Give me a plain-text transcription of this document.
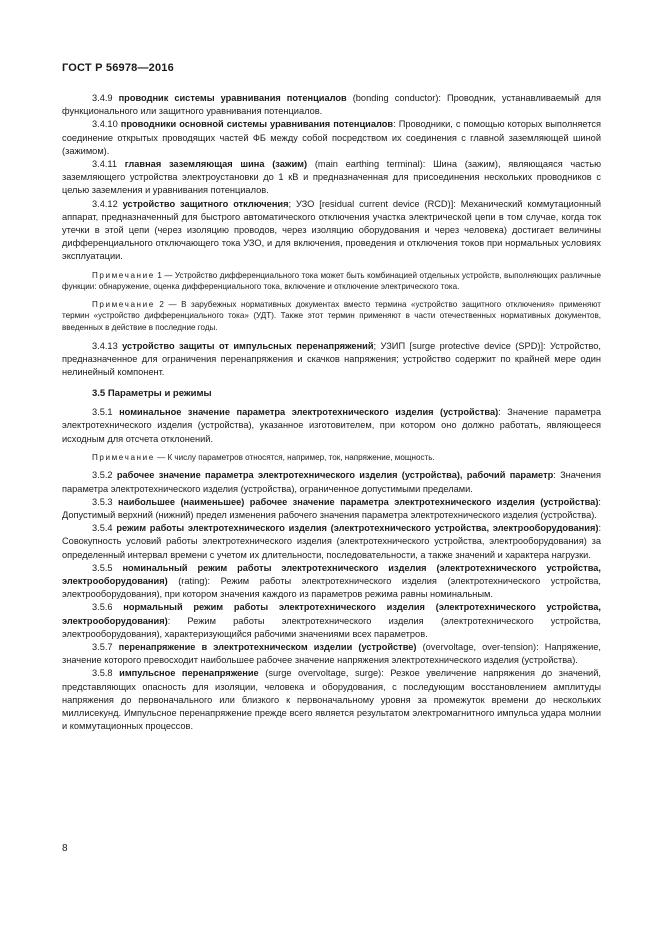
ГОСТ Р 56978—2016

3.4.9 проводник системы уравнивания потенциалов (bonding conductor): Проводник, устанавливаемый для функционального или защитного уравнивания потенциалов.

3.4.10 проводники основной системы уравнивания потенциалов: Проводники, с помощью которых выполняется соединение открытых проводящих частей ФБ между собой посредством их соединения с главной заземляющей шиной (зажимом).

3.4.11 главная заземляющая шина (зажим) (main earthing terminal): Шина (зажим), являющаяся частью заземляющего устройства электроустановки до 1 кВ и предназначенная для присоединения нескольких проводников с целью заземления и уравнивания потенциалов.

3.4.12 устройство защитного отключения; УЗО [residual current device (RCD)]: Механический коммутационный аппарат, предназначенный для быстрого автоматического отключения участка электрической цепи в том случае, когда ток утечки в этой цепи (через изоляцию проводов, через изоляцию оборудования и через человека) достигает величины дифференциального отключающего тока УЗО, и для включения, проведения и отключения токов при нормальных условиях эксплуатации.

Примечание 1 — Устройство дифференциального тока может быть комбинацией отдельных устройств, выполняющих различные функции: обнаружение, оценка дифференциального тока, включение и отключение электрического тока.

Примечание 2 — В зарубежных нормативных документах вместо термина «устройство защитного отключения» применяют термин «устройство дифференциального тока» (УДТ). Также этот термин применяют в части отечественных нормативных документов, введенных в действие в последние годы.

3.4.13 устройство защиты от импульсных перенапряжений; УЗИП [surge protective device (SPD)]: Устройство, предназначенное для ограничения перенапряжения и скачков напряжения; устройство содержит по крайней мере один нелинейный компонент.

3.5 Параметры и режимы

3.5.1 номинальное значение параметра электротехнического изделия (устройства): Значение параметра электротехнического изделия (устройства), указанное изготовителем, при котором оно должно работать, являющееся исходным для отсчета отклонений.

Примечание — К числу параметров относятся, например, ток, напряжение, мощность.

3.5.2 рабочее значение параметра электротехнического изделия (устройства), рабочий параметр: Значения параметра электротехнического изделия (устройства), ограниченное допустимыми пределами.

3.5.3 наибольшее (наименьшее) рабочее значение параметра электротехнического изделия (устройства): Допустимый верхний (нижний) предел изменения рабочего значения параметра электротехнического изделия (устройства).

3.5.4 режим работы электротехнического изделия (электротехнического устройства, электрооборудования): Совокупность условий работы электротехнического изделия (электротехнического устройства, электрооборудования) за определенный интервал времени с учетом их длительности, последовательности, а также значений и характера нагрузки.

3.5.5 номинальный режим работы электротехнического изделия (электротехнического устройства, электрооборудования) (rating): Режим работы электротехнического изделия (электротехнического устройства, электрооборудования), при котором значения каждого из параметров режима равны номинальным.

3.5.6 нормальный режим работы электротехнического изделия (электротехнического устройства, электрооборудования): Режим работы электротехнического изделия (электротехнического устройства, электрооборудования), характеризующийся рабочими значениями всех параметров.

3.5.7 перенапряжение в электротехническом изделии (устройстве) (overvoltage, over-tension): Напряжение, значение которого превосходит наибольшее рабочее значение напряжения электротехнического изделия (устройства).

3.5.8 импульсное перенапряжение (surge overvoltage, surge): Резкое увеличение напряжения до значений, представляющих опасность для изоляции, человека и оборудования, с последующим восстановлением амплитуды напряжения до первоначального или близкого к первоначальному уровня за промежуток времени до нескольких миллисекунд. Импульсное перенапряжение прежде всего является результатом электромагнитного импульса удара молнии и коммутационных процессов.

8
